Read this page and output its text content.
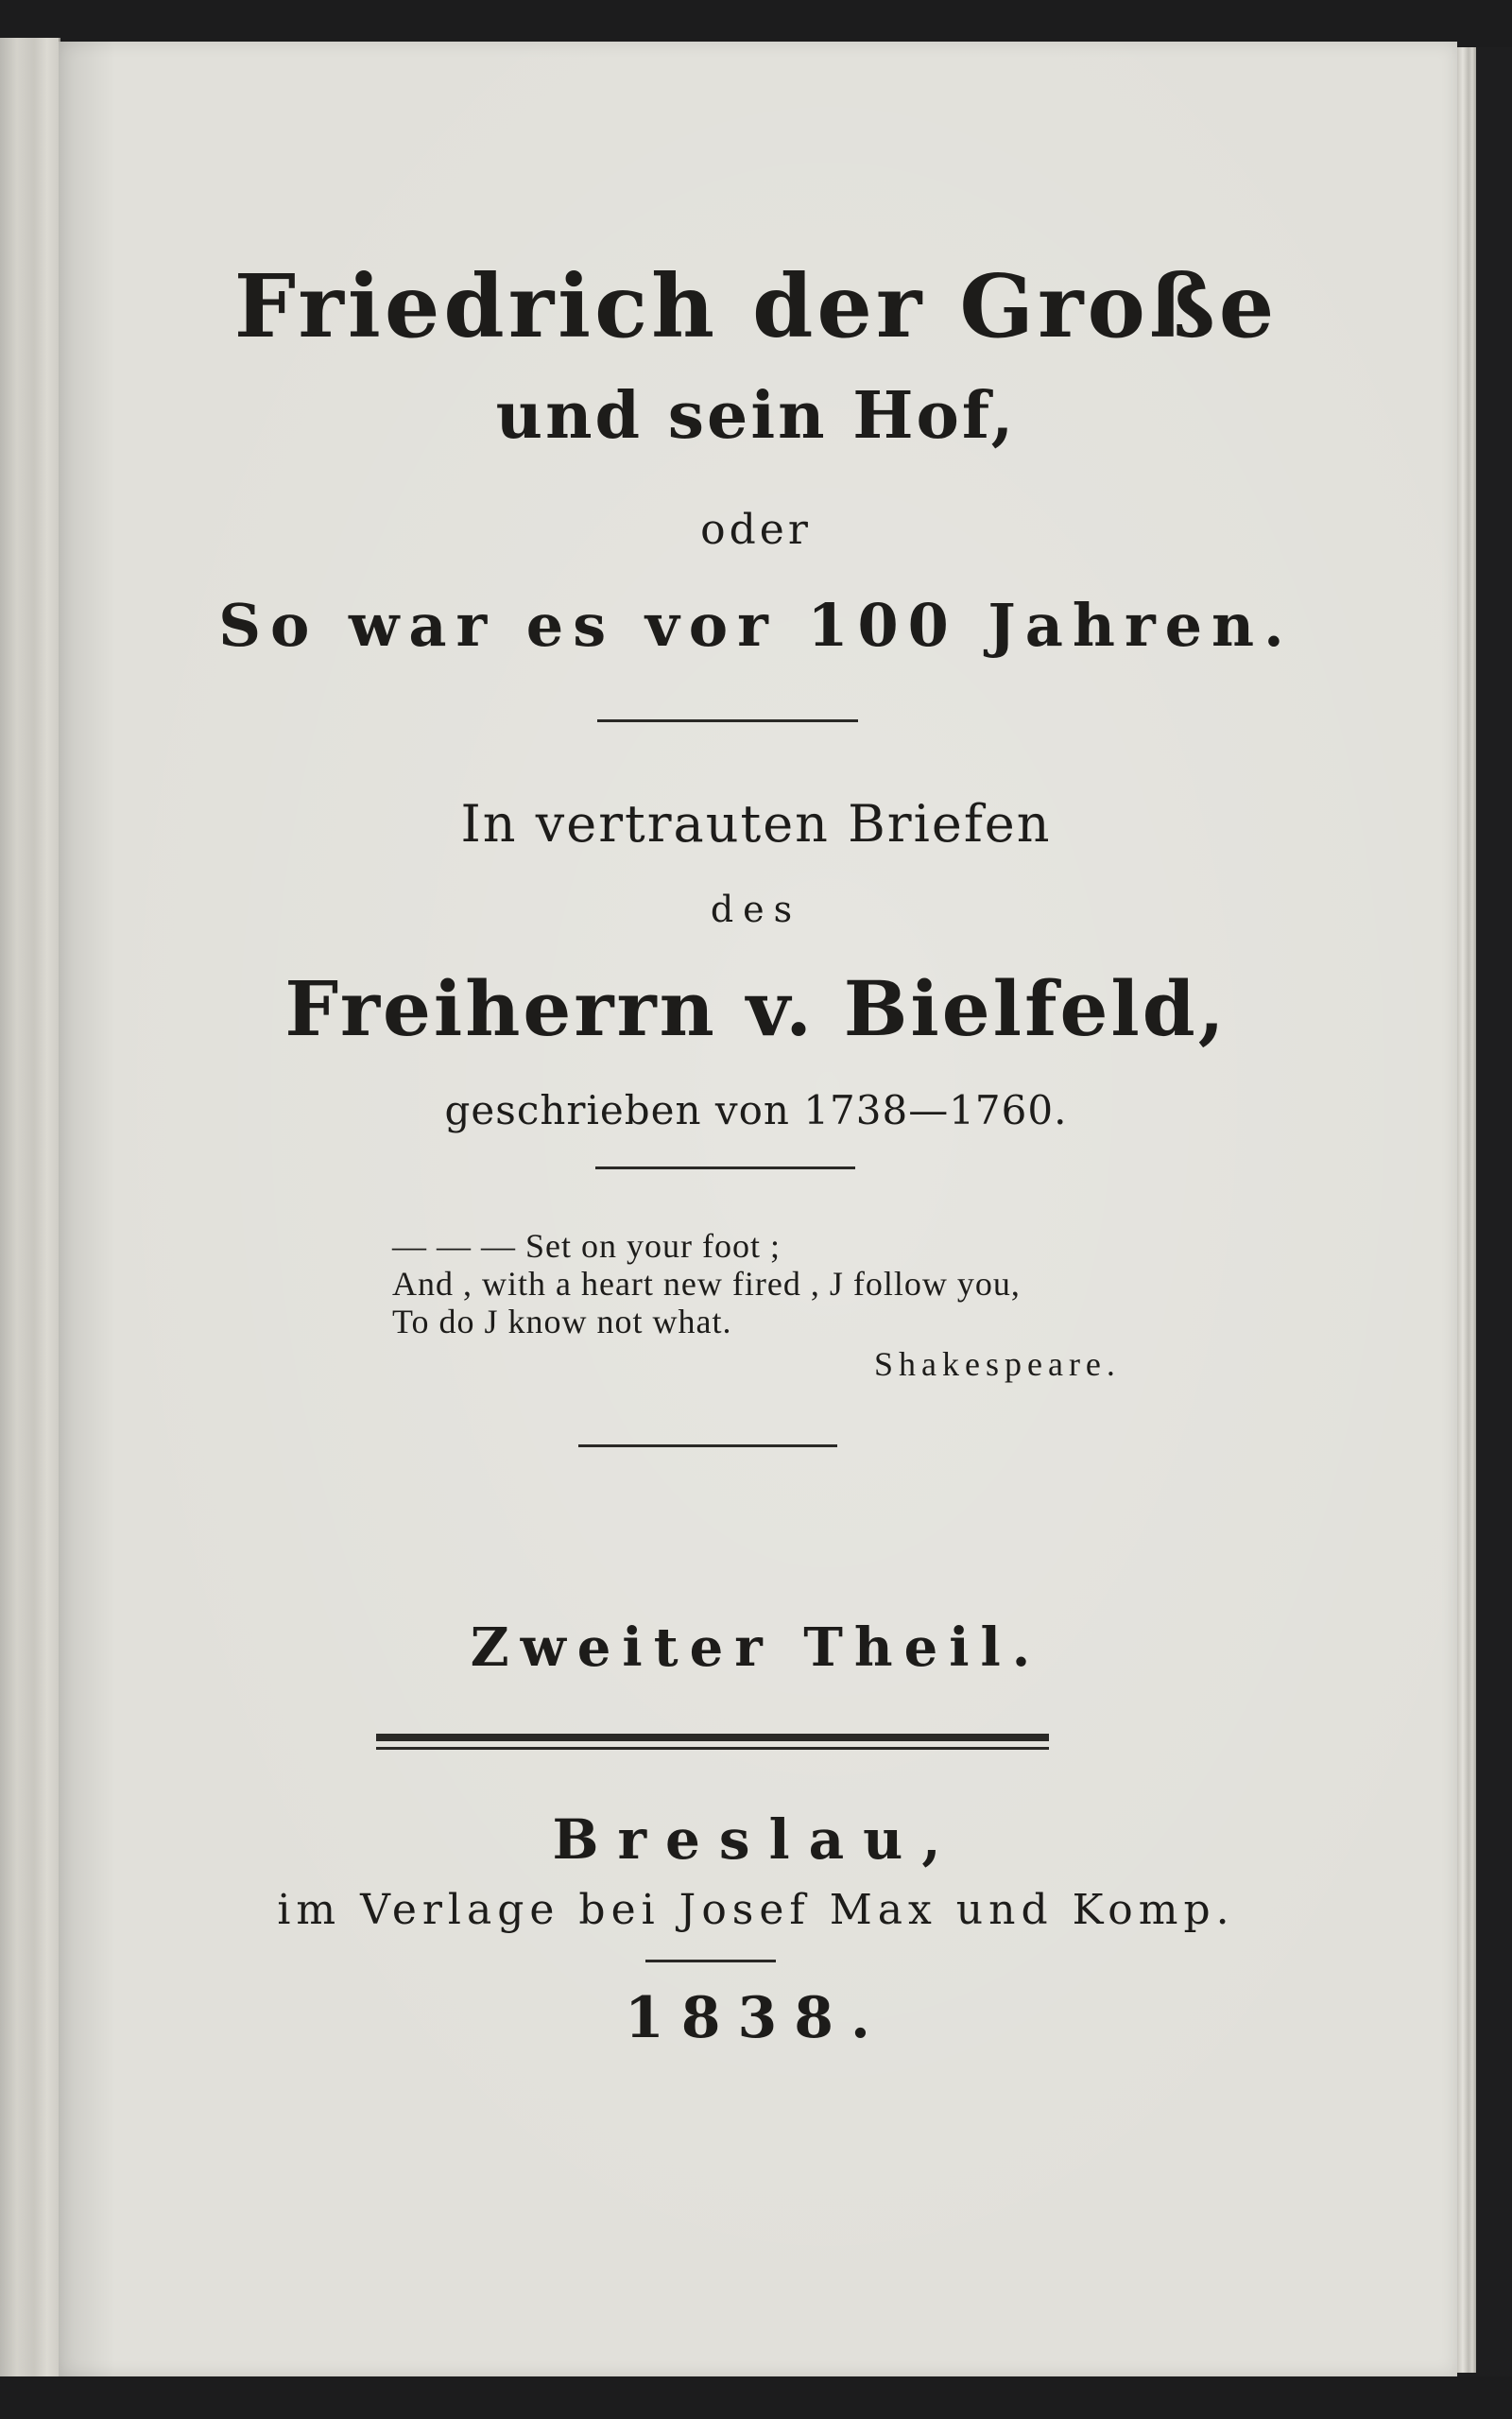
Friedrich der Große
und sein Hof,
oder
So war es vor 100 Jahren.
In vertrauten Briefen
des
Freiherrn v. Bielfeld,
geschrieben von 1738—1760.
— — — Set on your foot ;
And , with a heart new fired , J follow you,
To do J know not what.
Shakespeare.
Zweiter Theil.
Breslau,
im Verlage bei Josef Max und Komp.
1838.
